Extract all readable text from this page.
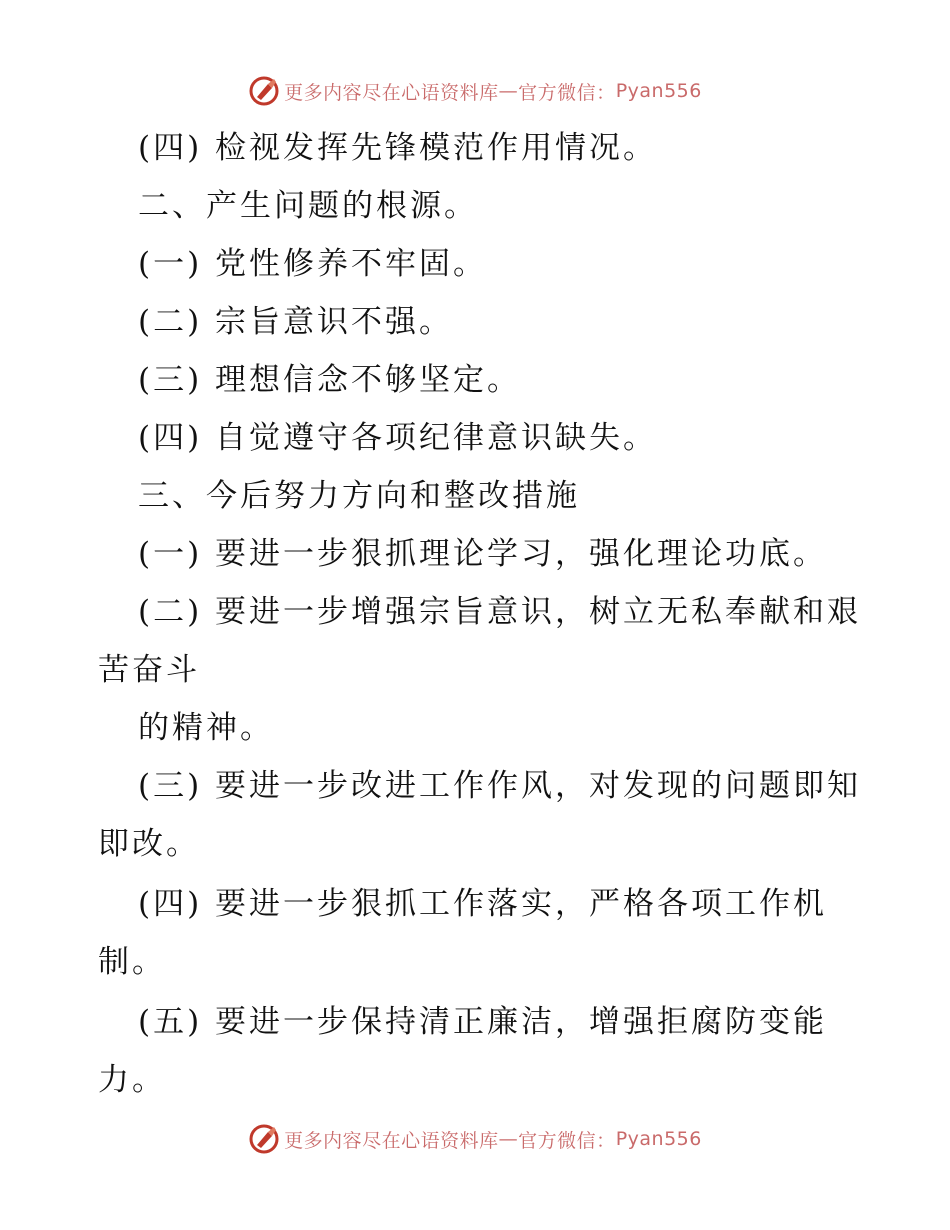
更多内容尽在心语资料库 — 官方微信： Pyan556
(四) 检视发挥先锋模范作用情况。
二、产生问题的根源。
(一) 党性修养不牢固。
(二) 宗旨意识不强。
(三) 理想信念不够坚定。
(四) 自觉遵守各项纪律意识缺失。
三、今后努力方向和整改措施
(一) 要进一步狠抓理论学习，强化理论功底。
(二) 要进一步增强宗旨意识，树立无私奉献和艰
苦奋斗
的精神。
(三) 要进一步改进工作作风，对发现的问题即知
即改。
(四) 要进一步狠抓工作落实，严格各项工作机
制。
(五) 要进一步保持清正廉洁，增强拒腐防变能
力。
更多内容尽在心语资料库 — 官方微信： Pyan556
